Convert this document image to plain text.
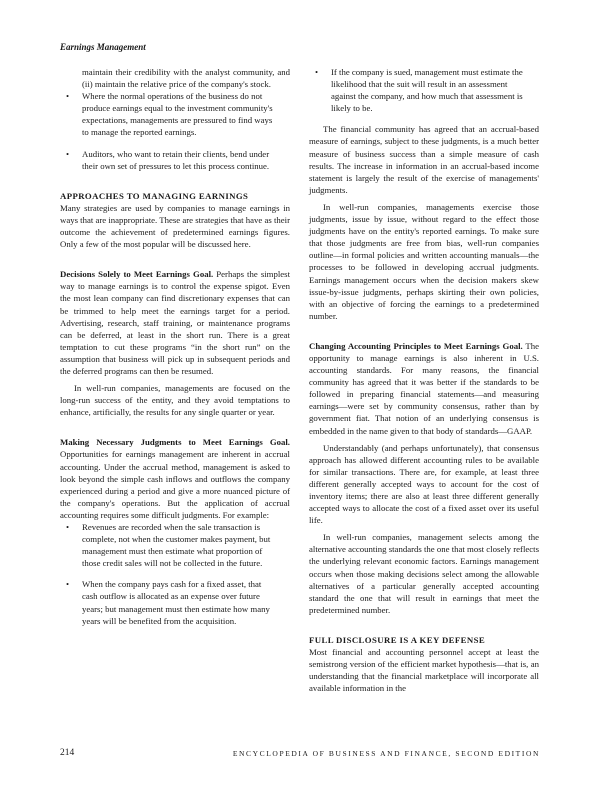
Earnings Management

maintain their credibility with the analyst community, and (ii) maintain the relative price of the company's stock.

• Where the normal operations of the business do not produce earnings equal to the investment community's expectations, managements are pressured to find ways to manage the reported earnings.
• Auditors, who want to retain their clients, bend under their own set of pressures to let this process continue.
APPROACHES TO MANAGING EARNINGS

Many strategies are used by companies to manage earnings in ways that are inappropriate. These are strategies that have as their outcome the achievement of predetermined earnings figures. Only a few of the most popular will be discussed here.

Decisions Solely to Meet Earnings Goal. Perhaps the simplest way to manage earnings is to control the expense spigot. Even the most lean company can find discretionary expenses that can be trimmed to help meet the earnings target for a period. Advertising, research, staff training, or maintenance programs can be deferred, at least in the short run. There is a great temptation to cut these programs “in the short run” on the assumption that business will pick up in subsequent periods and the deferred programs can then be resumed.

In well-run companies, managements are focused on the long-run success of the entity, and they avoid temptations to enhance, artificially, the results for any single quarter or year.

Making Necessary Judgments to Meet Earnings Goal. Opportunities for earnings management are inherent in accrual accounting. Under the accrual method, management is asked to look beyond the simple cash inflows and outflows the company experienced during a period and give a more nuanced picture of the company's operations. But the application of accrual accounting requires some difficult judgments. For example:

• Revenues are recorded when the sale transaction is complete, not when the customer makes payment, but management must then estimate what proportion of those credit sales will not be collected in the future.
• When the company pays cash for a fixed asset, that cash outflow is allocated as an expense over future years; but management must then estimate how many years will be benefited from the acquisition.
• If the company is sued, management must estimate the likelihood that the suit will result in an assessment against the company, and how much that assessment is likely to be.

The financial community has agreed that an accrual-based measure of earnings, subject to these judgments, is a much better measure of business success than a simple measure of cash results. The increase in information in an accrual-based income statement is largely the result of the exercise of managements' judgments.

In well-run companies, managements exercise those judgments, issue by issue, without regard to the effect those judgments have on the entity's reported earnings. To make sure that those judgments are free from bias, well-run companies outline—in formal policies and written accounting manuals—the processes to be followed in developing accrual judgments. Earnings management occurs when the decision makers skew issue-by-issue judgments, perhaps skirting their own policies, with an objective of forcing the earnings to a predetermined number.

Changing Accounting Principles to Meet Earnings Goal. The opportunity to manage earnings is also inherent in U.S. accounting standards. For many reasons, the financial community has agreed that it was better if the standards to be followed in preparing financial statements—and measuring earnings—were set by community consensus, rather than by government fiat. That notion of an underlying consensus is embedded in the name given to that body of standards—GAAP.

Understandably (and perhaps unfortunately), that consensus approach has allowed different accounting rules to be available for similar transactions. There are, for example, at least three different generally accepted ways to account for the cost of inventory items; there are also at least three different generally accepted ways to allocate the cost of a fixed asset over its useful life.

In well-run companies, management selects among the alternative accounting standards the one that most closely reflects the underlying relevant economic factors. Earnings management occurs when those making decisions select among the allowable alternatives of a particular generally accepted accounting standard the one that will result in earnings that meet the predetermined number.

FULL DISCLOSURE IS A KEY DEFENSE

Most financial and accounting personnel accept at least the semistrong version of the efficient market hypothesis—that is, an understanding that the financial marketplace will incorporate all available information in the

214	ENCYCLOPEDIA OF BUSINESS AND FINANCE, SECOND EDITION
